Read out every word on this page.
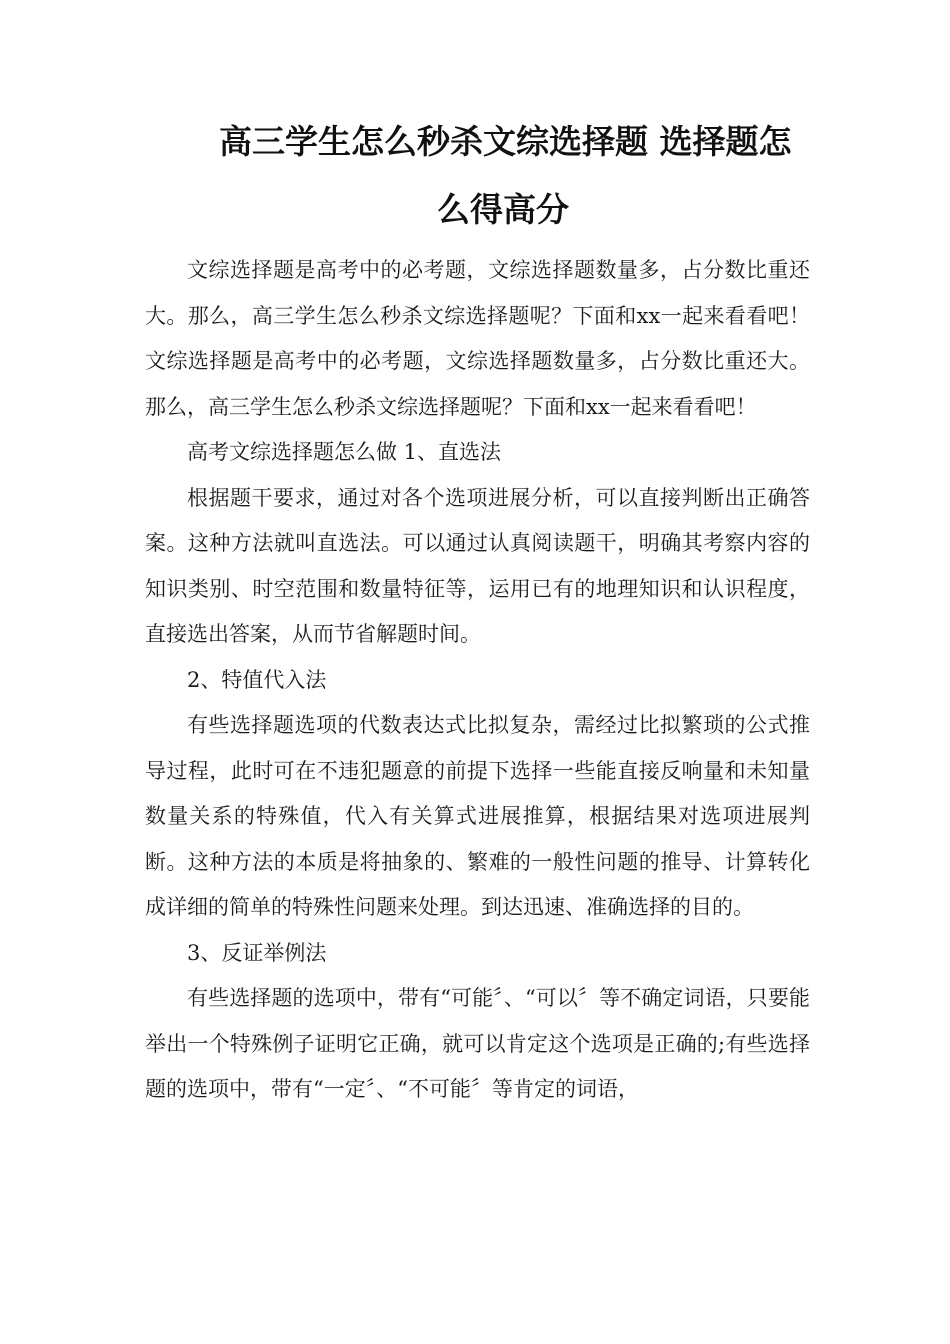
高三学生怎么秒杀文综选择题 选择题怎
么得高分

文综选择题是高考中的必考题，文综选择题数量多，占分数比重还大。那么，高三学生怎么秒杀文综选择题呢？下面和xx一起来看看吧！文综选择题是高考中的必考题，文综选择题数量多，占分数比重还大。那么，高三学生怎么秒杀文综选择题呢？下面和xx一起来看看吧！

高考文综选择题怎么做 1、直选法

根据题干要求，通过对各个选项进展分析，可以直接判断出正确答案。这种方法就叫直选法。可以通过认真阅读题干，明确其考察内容的知识类别、时空范围和数量特征等，运用已有的地理知识和认识程度，直接选出答案，从而节省解题时间。

2、特值代入法

有些选择题选项的代数表达式比拟复杂，需经过比拟繁琐的公式推导过程，此时可在不违犯题意的前提下选择一些能直接反响量和未知量数量关系的特殊值，代入有关算式进展推算，根据结果对选项进展判断。这种方法的本质是将抽象的、繁难的一般性问题的推导、计算转化成详细的简单的特殊性问题来处理。到达迅速、准确选择的目的。

3、反证举例法

有些选择题的选项中，带有“可能〞、“可以〞等不确定词语，只要能举出一个特殊例子证明它正确，就可以肯定这个选项是正确的;有些选择题的选项中，带有“一定〞、“不可能〞等肯定的词语，
